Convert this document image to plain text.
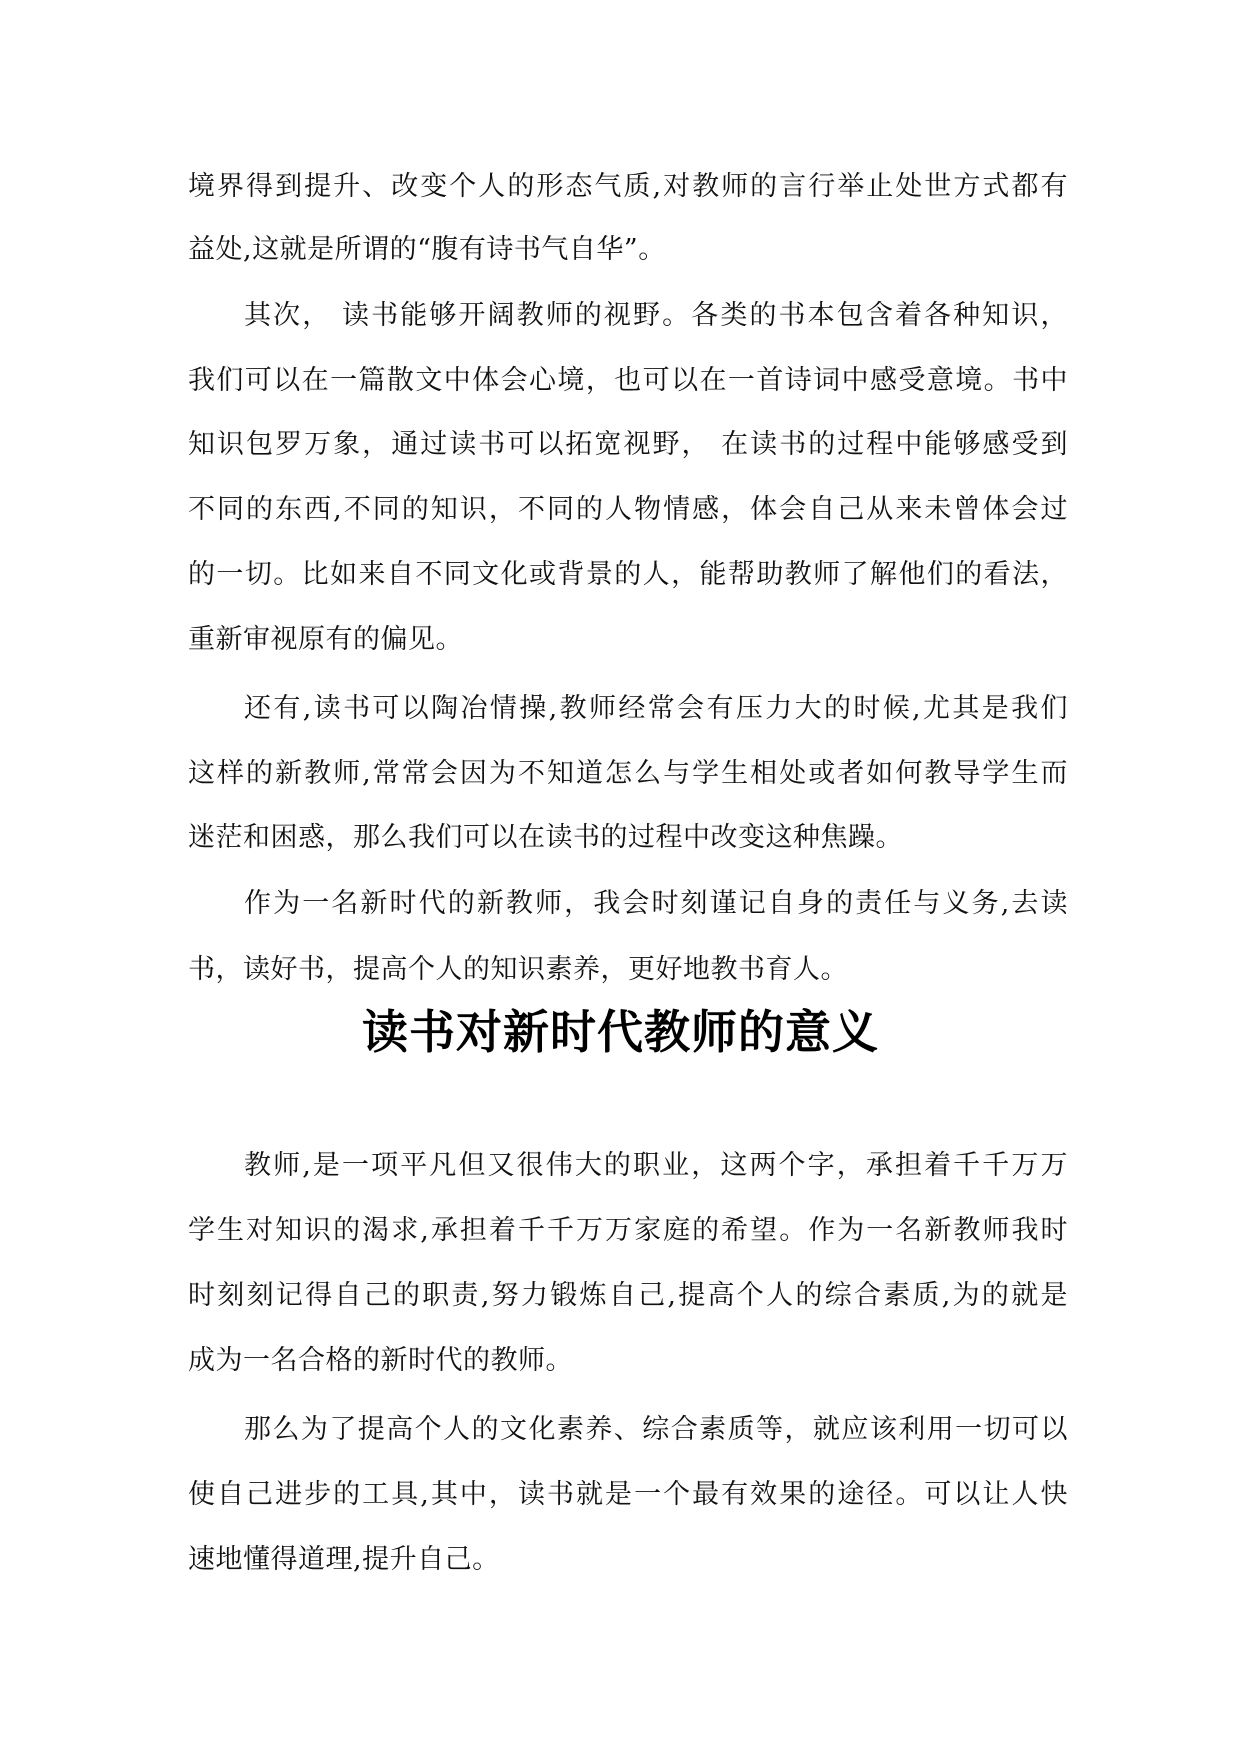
境界得到提升、改变个人的形态气质,对教师的言行举止处世方式都有

益处,这就是所谓的“腹有诗书气自华”。

其次， 读书能够开阔教师的视野。各类的书本包含着各种知识，

我们可以在一篇散文中体会心境，也可以在一首诗词中感受意境。书中

知识包罗万象，通过读书可以拓宽视野， 在读书的过程中能够感受到

不同的东西,不同的知识，不同的人物情感，体会自己从来未曾体会过

的一切。比如来自不同文化或背景的人，能帮助教师了解他们的看法，

重新审视原有的偏见。

还有,读书可以陶冶情操,教师经常会有压力大的时候,尤其是我们

这样的新教师,常常会因为不知道怎么与学生相处或者如何教导学生而

迷茫和困惑，那么我们可以在读书的过程中改变这种焦躁。

作为一名新时代的新教师，我会时刻谨记自身的责任与义务,去读

书，读好书，提高个人的知识素养，更好地教书育人。

读书对新时代教师的意义

教师,是一项平凡但又很伟大的职业，这两个字，承担着千千万万

学生对知识的渴求,承担着千千万万家庭的希望。作为一名新教师我时

时刻刻记得自己的职责,努力锻炼自己,提高个人的综合素质,为的就是

成为一名合格的新时代的教师。

那么为了提高个人的文化素养、综合素质等，就应该利用一切可以

使自己进步的工具,其中，读书就是一个最有效果的途径。可以让人快

速地懂得道理,提升自己。
